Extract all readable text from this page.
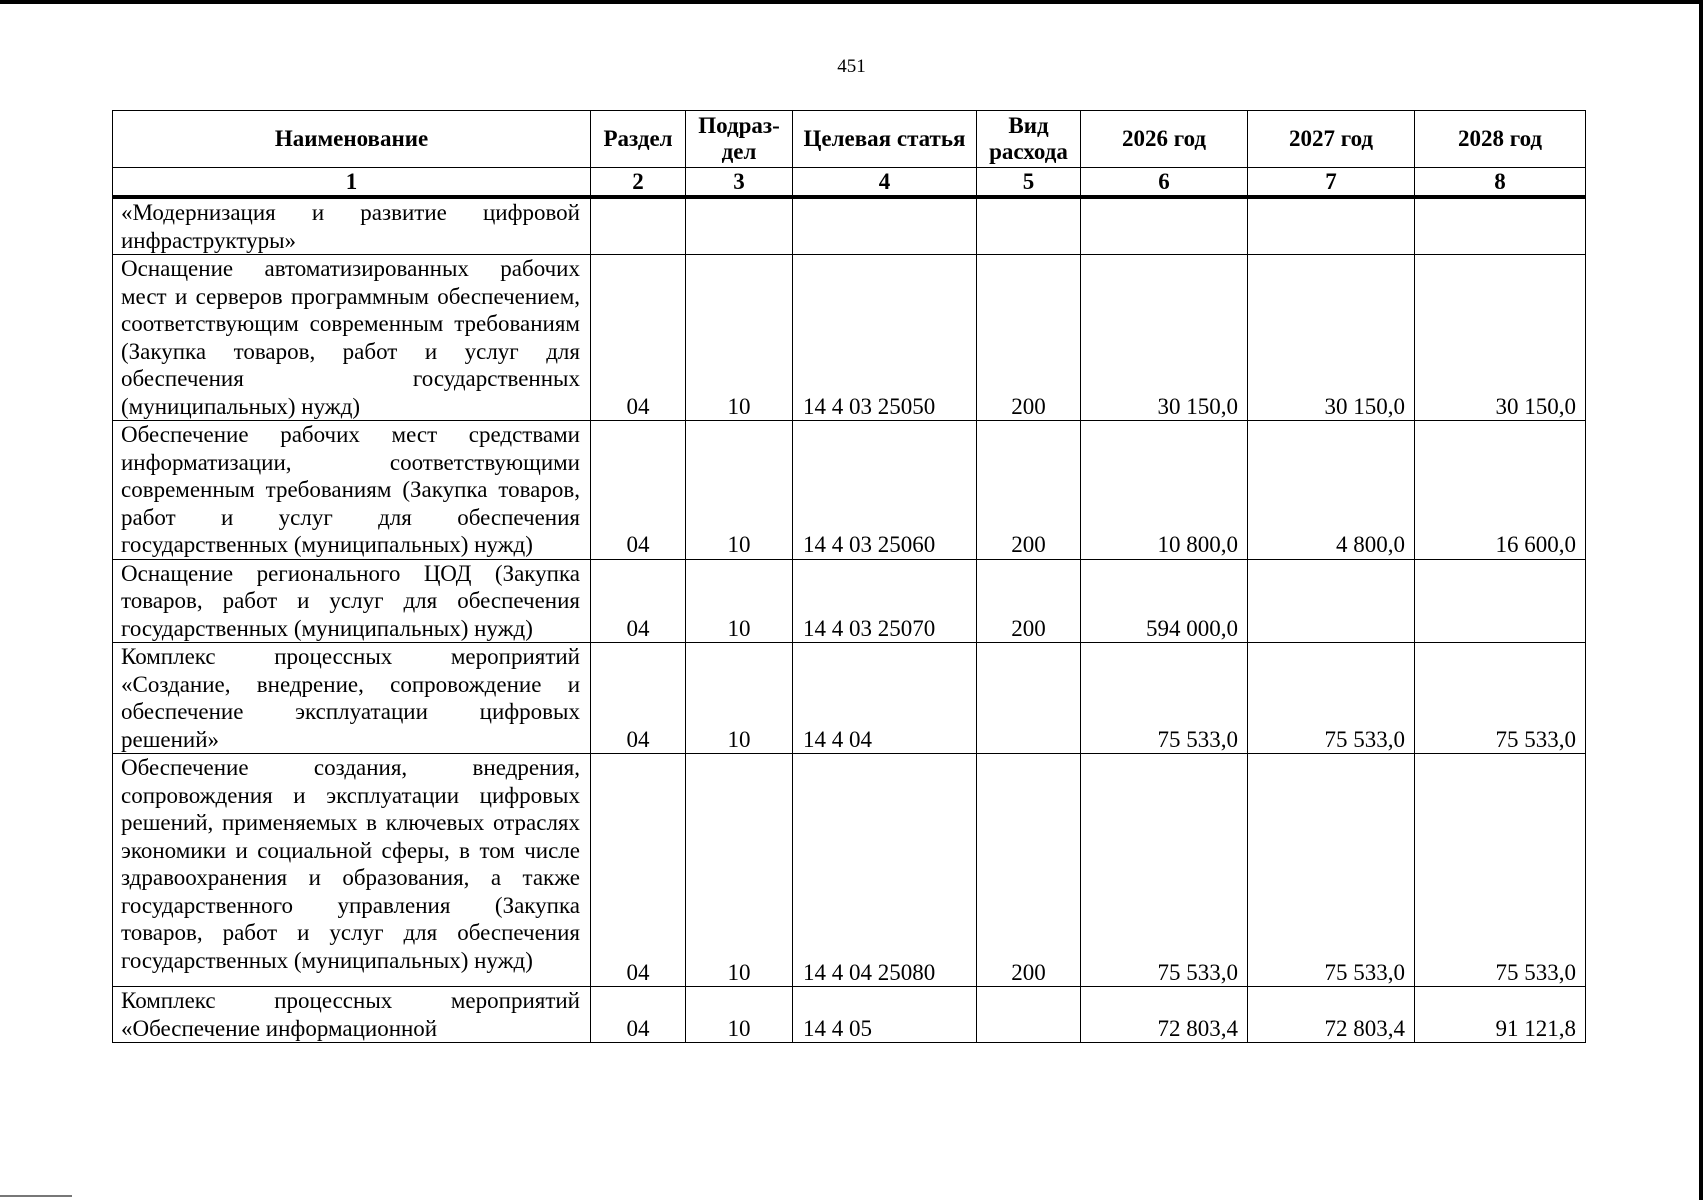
451
Наименование	Раздел	Подраз-дел	Целевая статья	Вид расхода	2026 год	2027 год	2028 год
1	2	3	4	5	6	7	8

«Модернизация и развитие цифровой инфраструктуры»							

Оснащение автоматизированных рабочих мест и серверов программным обеспечением, соответствующим современным требованиям (Закупка товаров, работ и услуг для обеспечения государственных (муниципальных) нужд)	04	10	14 4 03 25050	200	30 150,0	30 150,0	30 150,0

Обеспечение рабочих мест средствами информатизации, соответствующими современным требованиям (Закупка товаров, работ и услуг для обеспечения государственных (муниципальных) нужд)	04	10	14 4 03 25060	200	10 800,0	4 800,0	16 600,0

Оснащение регионального ЦОД (Закупка товаров, работ и услуг для обеспечения государственных (муниципальных) нужд)	04	10	14 4 03 25070	200	594 000,0		

Комплекс процессных мероприятий «Создание, внедрение, сопровождение и обеспечение эксплуатации цифровых решений»	04	10	14 4 04		75 533,0	75 533,0	75 533,0

Обеспечение создания, внедрения, сопровождения и эксплуатации цифровых решений, применяемых в ключевых отраслях экономики и социальной сферы, в том числе здравоохранения и образования, а также государственного управления (Закупка товаров, работ и услуг для обеспечения государственных (муниципальных) нужд)	04	10	14 4 04 25080	200	75 533,0	75 533,0	75 533,0

Комплекс процессных мероприятий «Обеспечение информационной	04	10	14 4 05		72 803,4	72 803,4	91 121,8
